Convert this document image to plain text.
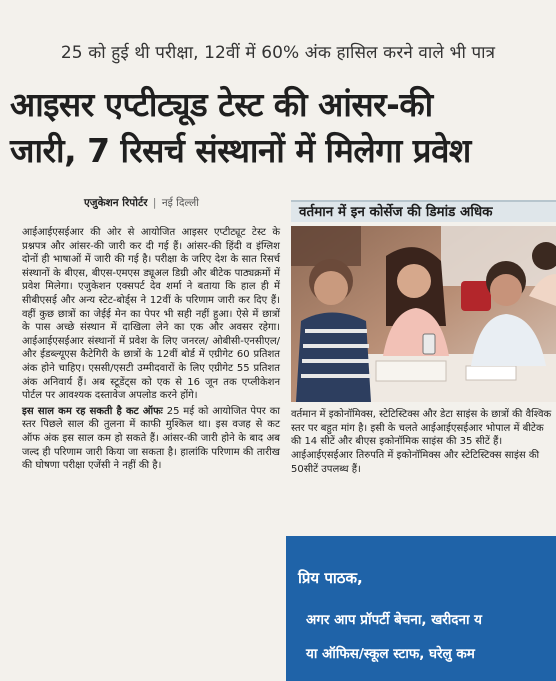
25 को हुई थी परीक्षा, 12वीं में 60% अंक हासिल करने वाले भी पात्र
आइसर एप्टीट्यूड टेस्ट की आंसर-की
जारी, 7 रिसर्च संस्थानों में मिलेगा प्रवेश
एजुकेशन रिपोर्टर | नई दिल्ली

आईआईएसईआर की ओर से आयोजित आइसर एप्टीट्यूट टेस्ट के प्रश्नपत्र और आंसर-की जारी कर दी गई हैं। आंसर-की हिंदी व इंग्लिश दोनों ही भाषाओं में जारी की गई है। परीक्षा के जरिए देश के सात रिसर्च संस्थानों के बीएस, बीएस-एमएस ड्यूअल डिग्री और बीटेक पाठ्यक्रमों में प्रवेश मिलेगा। एजुकेशन एक्सपर्ट देव शर्मा ने बताया कि हाल ही में सीबीएसई और अन्य स्टेट-बोर्ड्स ने 12वीं के परिणाम जारी कर दिए हैं। वहीं कुछ छात्रों का जेईई मेन का पेपर भी सही नहीं हुआ। ऐसे में छात्रों के पास अच्छे संस्थान में दाखिला लेने का एक और अवसर रहेगा। आईआईएसईआर संस्थानों में प्रवेश के लिए जनरल/ ओबीसी-एनसीएल/ और ईडब्ल्यूएस कैटेगिरी के छात्रों के 12वीं बोर्ड में एग्रीगेट 60 प्रतिशत अंक होने चाहिए। एससी/एसटी उम्मीदवारों के लिए एग्रीगेट 55 प्रतिशत अंक अनिवार्य हैं। अब स्टूडेंट्स को एक से 16 जून तक एप्लीकेशन पोर्टल पर आवश्यक दस्तावेज अपलोड करने होंगे।

इस साल कम रह सकती है कट ऑफः 25 मई को आयोजित पेपर का स्तर पिछले साल की तुलना में काफी मुश्किल था। इस वजह से कट ऑफ अंक इस साल कम हो सकते हैं। आंसर-की जारी होने के बाद अब जल्द ही परिणाम जारी किया जा सकता है। हालांकि परिणाम की तारीख की घोषणा परीक्षा एजेंसी ने नहीं की है।

वर्तमान में इन कोर्सेज की डिमांड अधिक
वर्तमान में इकोनॉमिक्स, स्टेटिस्टिक्स और डेटा साइंस के छात्रों की वैश्विक स्तर पर बहुत मांग है। इसी के चलते आईआईएसईआर भोपाल में बीटेक की 14 सीटें और बीएस इकोनॉमिक साइंस की 35 सीटें हैं। आईआईएसईआर तिरुपति में इकोनॉमिक्स और स्टेटिस्टिक्स साइंस की 50सीटें उपलब्ध हैं।
प्रिय पाठक,
अगर आप प्रॉपर्टी बेचना, खरीदना य
या ऑफिस/स्कूल स्टाफ, घरेलु कम
